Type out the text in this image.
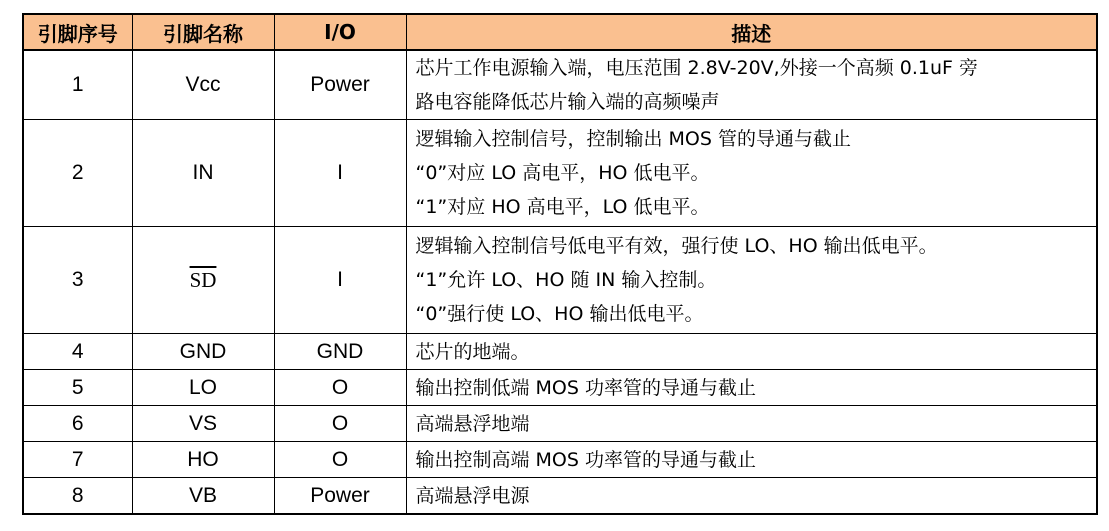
引脚序号	引脚名称	I/O	描述
1	Vcc	Power	芯片工作电源输入端，电压范围 2.8V-20V,外接一个高频 0.1uF 旁
路电容能降低芯片输入端的高频噪声

2	IN	I	逻辑输入控制信号，控制输出 MOS 管的导通与截止
“0”对应 LO 高电平，HO 低电平。
“1”对应 HO 高电平，LO 低电平。

3	$\overline{SD}$	I	逻辑输入控制信号低电平有效，强行使 LO、HO 输出低电平。
“1”允许 LO、HO 随 IN 输入控制。
“0”强行使 LO、HO 输出低电平。

4	GND	GND	芯片的地端。

5	LO	O	输出控制低端 MOS 功率管的导通与截止

6	VS	O	高端悬浮地端

7	HO	O	输出控制高端 MOS 功率管的导通与截止

8	VB	Power	高端悬浮电源
